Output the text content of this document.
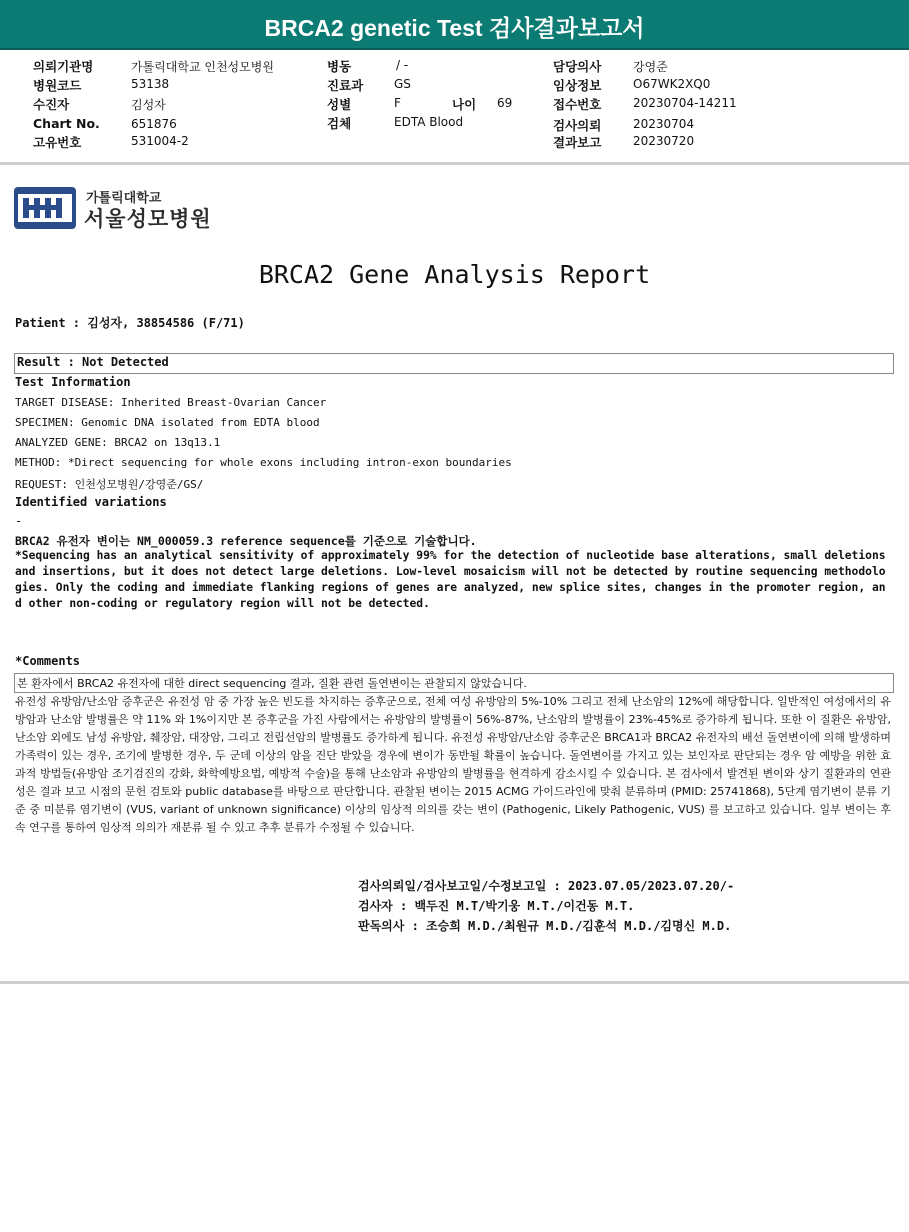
BRCA2 genetic Test 검사결과보고서
의뢰기관명	가톨릭대학교 인천성모병원
병원코드	53138
수진자	김성자
Chart No.	651876
고유번호	531004-2
병동	/ -
진료과	GS
성별	F	나이 69
검체	EDTA Blood
담당의사	강영준
임상정보	O67WK2XQ0
접수번호	20230704-14211
검사의뢰	20230704
결과보고	20230720
가톨릭대학교
서울성모병원
BRCA2 Gene Analysis Report
Patient : 김성자, 38854586 (F/71)
Result : Not Detected
Test Information
TARGET DISEASE: Inherited Breast-Ovarian Cancer
SPECIMEN: Genomic DNA isolated from EDTA blood
ANALYZED GENE: BRCA2 on 13q13.1
METHOD: *Direct sequencing for whole exons including intron-exon boundaries
REQUEST: 인천성모병원/강영준/GS/
Identified variations
-
BRCA2 유전자 변이는 NM_000059.3 reference sequence를 기준으로 기술합니다.
*Sequencing has an analytical sensitivity of approximately 99% for the detection of nucleotide base alterations, small deletions and insertions, but it does not detect large deletions. Low-level mosaicism will not be detected by routine sequencing methodologies. Only the coding and immediate flanking regions of genes are analyzed, new splice sites, changes in the promoter region, and other non-coding or regulatory region will not be detected.
*Comments
본 환자에서 BRCA2 유전자에 대한 direct sequencing 결과, 질환 관련 돌연변이는 관찰되지 않았습니다.
유전성 유방암/난소암 증후군은 유전성 암 중 가장 높은 빈도를 차지하는 증후군으로, 전체 여성 유방암의 5%-10% 그리고 전체 난소암의 12%에 해당합니다. 일반적인 여성에서의 유방암과 난소암 발병률은 약 11% 와 1%이지만 본 증후군을 가진 사람에서는 유방암의 발병률이 56%-87%, 난소암의 발병률이 23%-45%로 증가하게 됩니다. 또한 이 질환은 유방암, 난소암 외에도 남성 유방암, 췌장암, 대장암, 그리고 전립선암의 발병률도 증가하게 됩니다. 유전성 유방암/난소암 증후군은 BRCA1과 BRCA2 유전자의 배선 돌연변이에 의해 발생하며 가족력이 있는 경우, 조기에 발병한 경우, 두 군데 이상의 암을 진단 받았을 경우에 변이가 동반될 확률이 높습니다. 돌연변이를 가지고 있는 보인자로 판단되는 경우 암 예방을 위한 효과적 방법들(유방암 조기검진의 강화, 화학예방요법, 예방적 수술)을 통해 난소암과 유방암의 발병률을 현격하게 감소시킬 수 있습니다. 본 검사에서 발견된 변이와 상기 질환과의 연관성은 결과 보고 시점의 문헌 검토와 public database를 바탕으로 판단합니다. 관찰된 변이는 2015 ACMG 가이드라인에 맞춰 분류하며 (PMID: 25741868), 5단계 염기변이 분류 기준 중 미분류 염기변이 (VUS, variant of unknown significance) 이상의 임상적 의의를 갖는 변이 (Pathogenic, Likely Pathogenic, VUS) 를 보고하고 있습니다. 일부 변이는 후속 연구를 통하여 임상적 의의가 재분류 될 수 있고 추후 분류가 수정될 수 있습니다.
검사의뢰일/검사보고일/수정보고일 : 2023.07.05/2023.07.20/-
검사자 : 백두진 M.T/박기웅 M.T./이건동 M.T.
판독의사 : 조승희 M.D./최원규 M.D./김훈석 M.D./김명신 M.D.
